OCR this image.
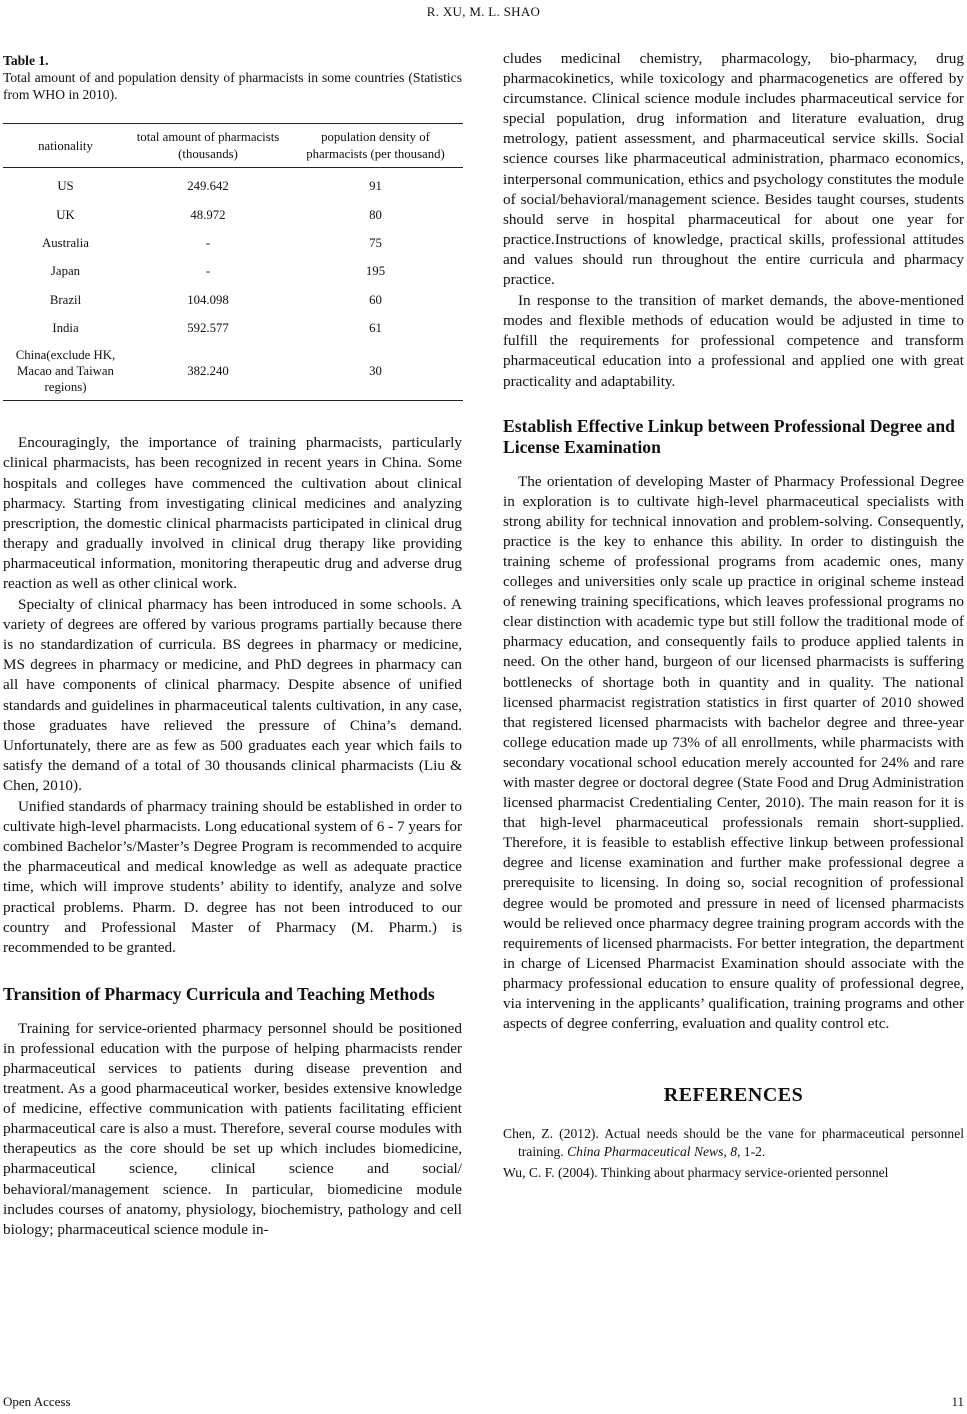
R. XU, M. L. SHAO

Table 1.

Total amount of and population density of pharmacists in some countries (Statistics from WHO in 2010).

nationality	total amount of pharmacists (thousands)	population density of pharmacists (per thousand)
US	249.642	91
UK	48.972	80
Australia	-	75
Japan	-	195
Brazil	104.098	60
India	592.577	61
China(exclude HK, Macao and Taiwan regions)	382.240	30

Encouragingly, the importance of training pharmacists, particularly clinical pharmacists, has been recognized in recent years in China. Some hospitals and colleges have commenced the cultivation about clinical pharmacy. Starting from investigating clinical medicines and analyzing prescription, the domestic clinical pharmacists participated in clinical drug therapy and gradually involved in clinical drug therapy like providing pharmaceutical information, monitoring therapeutic drug and adverse drug reaction as well as other clinical work.

Specialty of clinical pharmacy has been introduced in some schools. A variety of degrees are offered by various programs partially because there is no standardization of curricula. BS degrees in pharmacy or medicine, MS degrees in pharmacy or medicine, and PhD degrees in pharmacy can all have components of clinical pharmacy. Despite absence of unified standards and guidelines in pharmaceutical talents cultivation, in any case, those graduates have relieved the pressure of China’s demand. Unfortunately, there are as few as 500 graduates each year which fails to satisfy the demand of a total of 30 thousands clinical pharmacists (Liu & Chen, 2010).

Unified standards of pharmacy training should be established in order to cultivate high-level pharmacists. Long educational system of 6 - 7 years for combined Bachelor’s/Master’s Degree Program is recommended to acquire the pharmaceutical and medical knowledge as well as adequate practice time, which will improve students’ ability to identify, analyze and solve practical problems. Pharm. D. degree has not been introduced to our country and Professional Master of Pharmacy (M. Pharm.) is recommended to be granted.

Transition of Pharmacy Curricula and Teaching Methods

Training for service-oriented pharmacy personnel should be positioned in professional education with the purpose of helping pharmacists render pharmaceutical services to patients during disease prevention and treatment. As a good pharmaceutical worker, besides extensive knowledge of medicine, effective communication with patients facilitating efficient pharmaceutical care is also a must. Therefore, several course modules with therapeutics as the core should be set up which includes biomedicine, pharmaceutical science, clinical science and social/ behavioral/management science. In particular, biomedicine module includes courses of anatomy, physiology, biochemistry, pathology and cell biology; pharmaceutical science module in-

cludes medicinal chemistry, pharmacology, bio-pharmacy, drug pharmacokinetics, while toxicology and pharmacogenetics are offered by circumstance. Clinical science module includes pharmaceutical service for special population, drug information and literature evaluation, drug metrology, patient assessment, and pharmaceutical service skills. Social science courses like pharmaceutical administration, pharmaco economics, interpersonal communication, ethics and psychology constitutes the module of social/behavioral/management science. Besides taught courses, students should serve in hospital pharmaceutical for about one year for practice.Instructions of knowledge, practical skills, professional attitudes and values should run throughout the entire curricula and pharmacy practice.

In response to the transition of market demands, the above-mentioned modes and flexible methods of education would be adjusted in time to fulfill the requirements for professional competence and transform pharmaceutical education into a professional and applied one with great practicality and adaptability.

Establish Effective Linkup between Professional Degree and License Examination

The orientation of developing Master of Pharmacy Professional Degree in exploration is to cultivate high-level pharmaceutical specialists with strong ability for technical innovation and problem-solving. Consequently, practice is the key to enhance this ability. In order to distinguish the training scheme of professional programs from academic ones, many colleges and universities only scale up practice in original scheme instead of renewing training specifications, which leaves professional programs no clear distinction with academic type but still follow the traditional mode of pharmacy education, and consequently fails to produce applied talents in need. On the other hand, burgeon of our licensed pharmacists is suffering bottlenecks of shortage both in quantity and in quality. The national licensed pharmacist registration statistics in first quarter of 2010 showed that registered licensed pharmacists with bachelor degree and three-year college education made up 73% of all enrollments, while pharmacists with secondary vocational school education merely accounted for 24% and rare with master degree or doctoral degree (State Food and Drug Administration licensed pharmacist Credentialing Center, 2010). The main reason for it is that high-level pharmaceutical professionals remain short-supplied. Therefore, it is feasible to establish effective linkup between professional degree and license examination and further make professional degree a prerequisite to licensing. In doing so, social recognition of professional degree would be promoted and pressure in need of licensed pharmacists would be relieved once pharmacy degree training program accords with the requirements of licensed pharmacists. For better integration, the department in charge of Licensed Pharmacist Examination should associate with the pharmacy professional education to ensure quality of professional degree, via intervening in the applicants’ qualification, training programs and other aspects of degree conferring, evaluation and quality control etc.

REFERENCES

Chen, Z. (2012). Actual needs should be the vane for pharmaceutical personnel training. China Pharmaceutical News, 8, 1-2.

Wu, C. F. (2004). Thinking about pharmacy service-oriented personnel

Open Access	11
